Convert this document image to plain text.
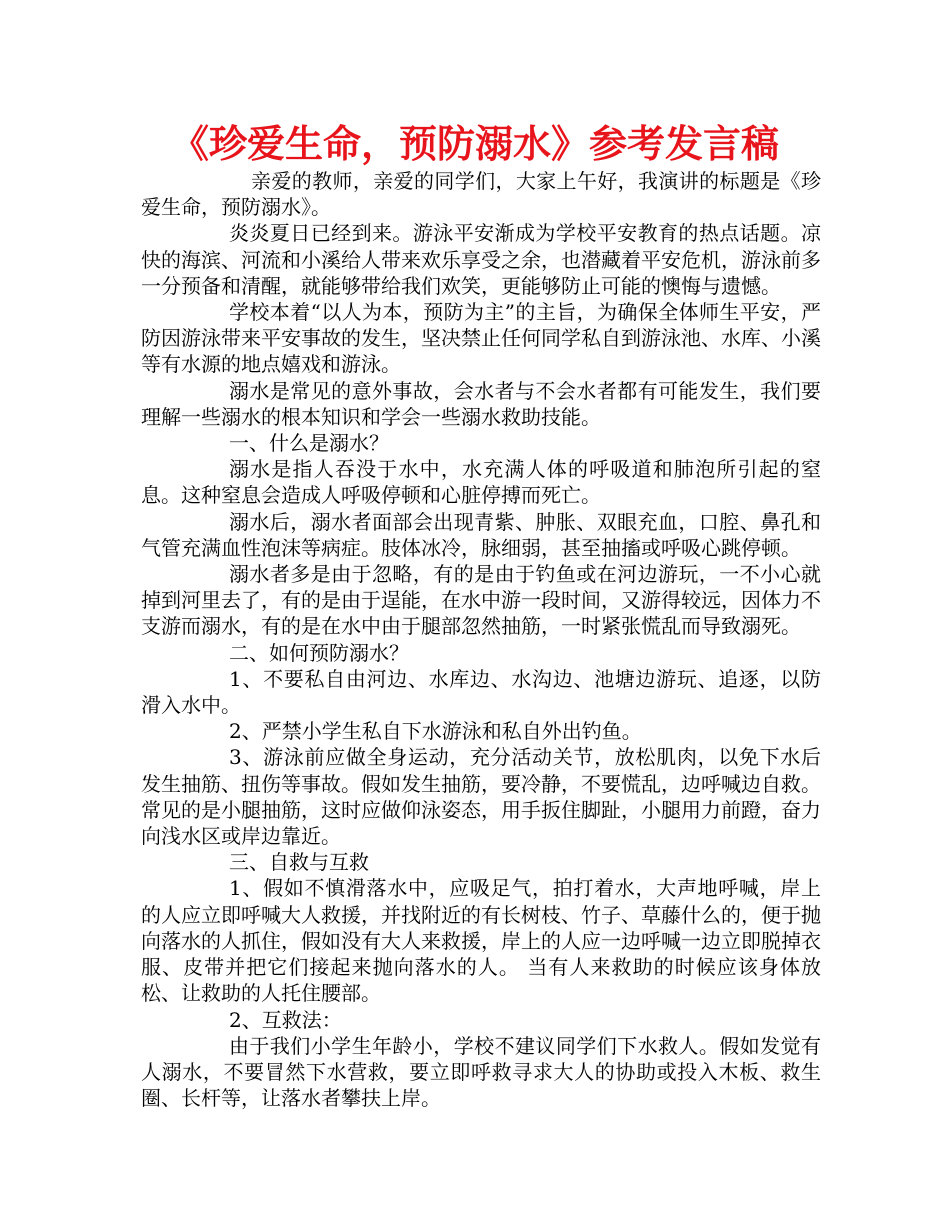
《珍爱生命，预防溺水》参考发言稿

亲爱的教师，亲爱的同学们，大家上午好，我演讲的标题是《珍爱生命，预防溺水》。

炎炎夏日已经到来。游泳平安渐成为学校平安教育的热点话题。凉快的海滨、河流和小溪给人带来欢乐享受之余，也潜藏着平安危机，游泳前多一分预备和清醒，就能够带给我们欢笑，更能够防止可能的懊悔与遗憾。

学校本着“以人为本，预防为主”的主旨，为确保全体师生平安，严防因游泳带来平安事故的发生，坚决禁止任何同学私自到游泳池、水库、小溪等有水源的地点嬉戏和游泳。

溺水是常见的意外事故，会水者与不会水者都有可能发生，我们要理解一些溺水的根本知识和学会一些溺水救助技能。

一、什么是溺水？

溺水是指人吞没于水中，水充满人体的呼吸道和肺泡所引起的窒息。这种窒息会造成人呼吸停顿和心脏停搏而死亡。

溺水后，溺水者面部会出现青紫、肿胀、双眼充血，口腔、鼻孔和气管充满血性泡沫等病症。肢体冰冷，脉细弱，甚至抽搐或呼吸心跳停顿。

溺水者多是由于忽略，有的是由于钓鱼或在河边游玩，一不小心就掉到河里去了，有的是由于逞能，在水中游一段时间，又游得较远，因体力不支游而溺水，有的是在水中由于腿部忽然抽筋，一时紧张慌乱而导致溺死。

二、如何预防溺水？

1、不要私自由河边、水库边、水沟边、池塘边游玩、追逐，以防滑入水中。

2、严禁小学生私自下水游泳和私自外出钓鱼。

3、游泳前应做全身运动，充分活动关节，放松肌肉，以免下水后发生抽筋、扭伤等事故。假如发生抽筋，要冷静，不要慌乱，边呼喊边自救。常见的是小腿抽筋，这时应做仰泳姿态，用手扳住脚趾，小腿用力前蹬，奋力向浅水区或岸边靠近。

三、自救与互救

1、假如不慎滑落水中，应吸足气，拍打着水，大声地呼喊，岸上的人应立即呼喊大人救援，并找附近的有长树枝、竹子、草藤什么的，便于抛向落水的人抓住，假如没有大人来救援，岸上的人应一边呼喊一边立即脱掉衣服、皮带并把它们接起来抛向落水的人。 当有人来救助的时候应该身体放松、让救助的人托住腰部。

2、互救法：

由于我们小学生年龄小，学校不建议同学们下水救人。假如发觉有人溺水，不要冒然下水营救，要立即呼救寻求大人的协助或投入木板、救生圈、长杆等，让落水者攀扶上岸。
